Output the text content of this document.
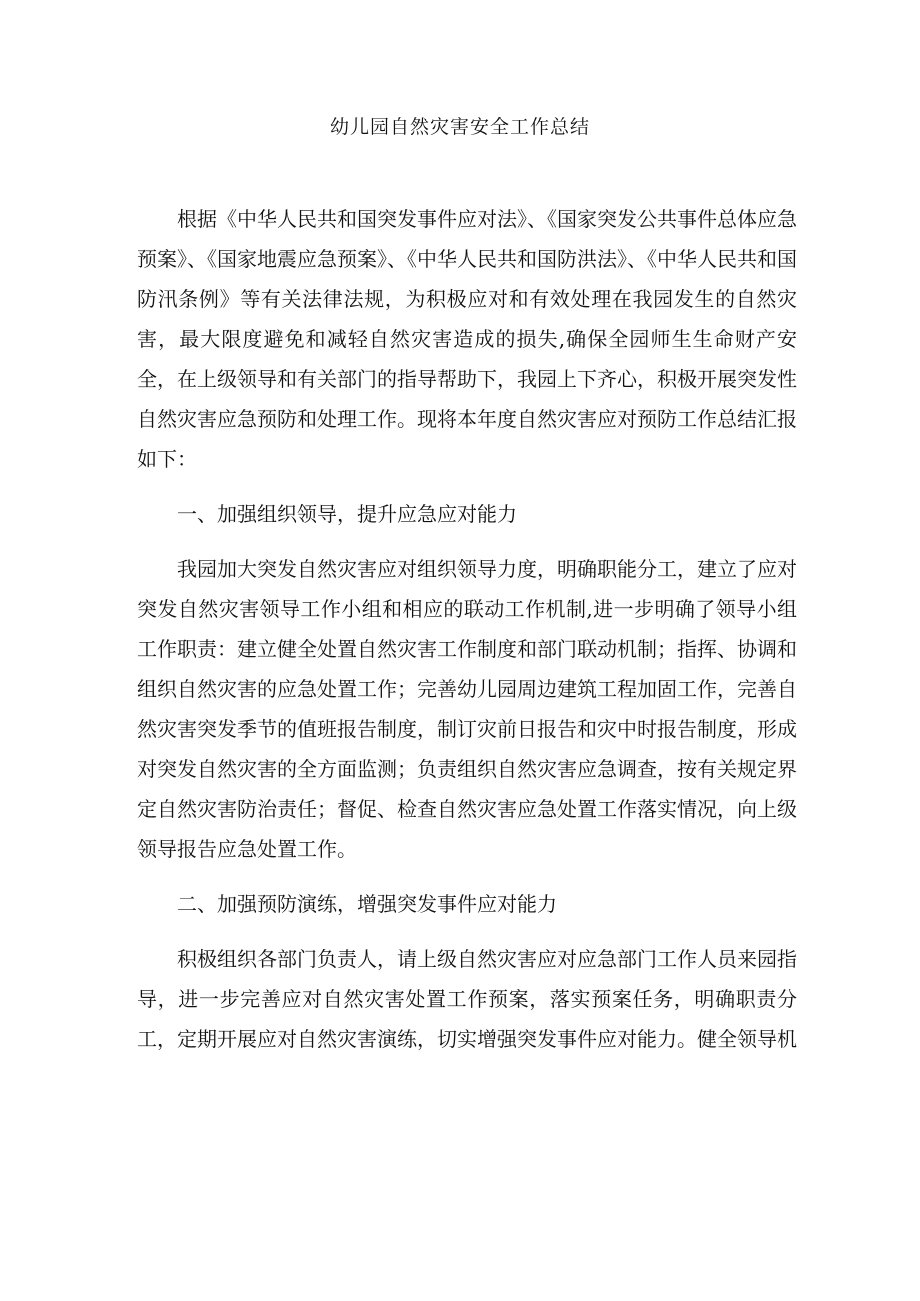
幼儿园自然灾害安全工作总结

根据《中华人民共和国突发事件应对法》、《国家突发公共事件总体应急预案》、《国家地震应急预案》、《中华人民共和国防洪法》、《中华人民共和国防汛条例》等有关法律法规，为积极应对和有效处理在我园发生的自然灾害，最大限度避免和减轻自然灾害造成的损失,确保全园师生生命财产安全，在上级领导和有关部门的指导帮助下，我园上下齐心，积极开展突发性自然灾害应急预防和处理工作。现将本年度自然灾害应对预防工作总结汇报如下：

一、加强组织领导，提升应急应对能力

我园加大突发自然灾害应对组织领导力度，明确职能分工，建立了应对突发自然灾害领导工作小组和相应的联动工作机制,进一步明确了领导小组工作职责：建立健全处置自然灾害工作制度和部门联动机制；指挥、协调和组织自然灾害的应急处置工作；完善幼儿园周边建筑工程加固工作，完善自然灾害突发季节的值班报告制度，制订灾前日报告和灾中时报告制度，形成对突发自然灾害的全方面监测；负责组织自然灾害应急调查，按有关规定界定自然灾害防治责任；督促、检查自然灾害应急处置工作落实情况，向上级领导报告应急处置工作。

二、加强预防演练，增强突发事件应对能力

积极组织各部门负责人，请上级自然灾害应对应急部门工作人员来园指导，进一步完善应对自然灾害处置工作预案，落实预案任务，明确职责分工，定期开展应对自然灾害演练，切实增强突发事件应对能力。健全领导机
